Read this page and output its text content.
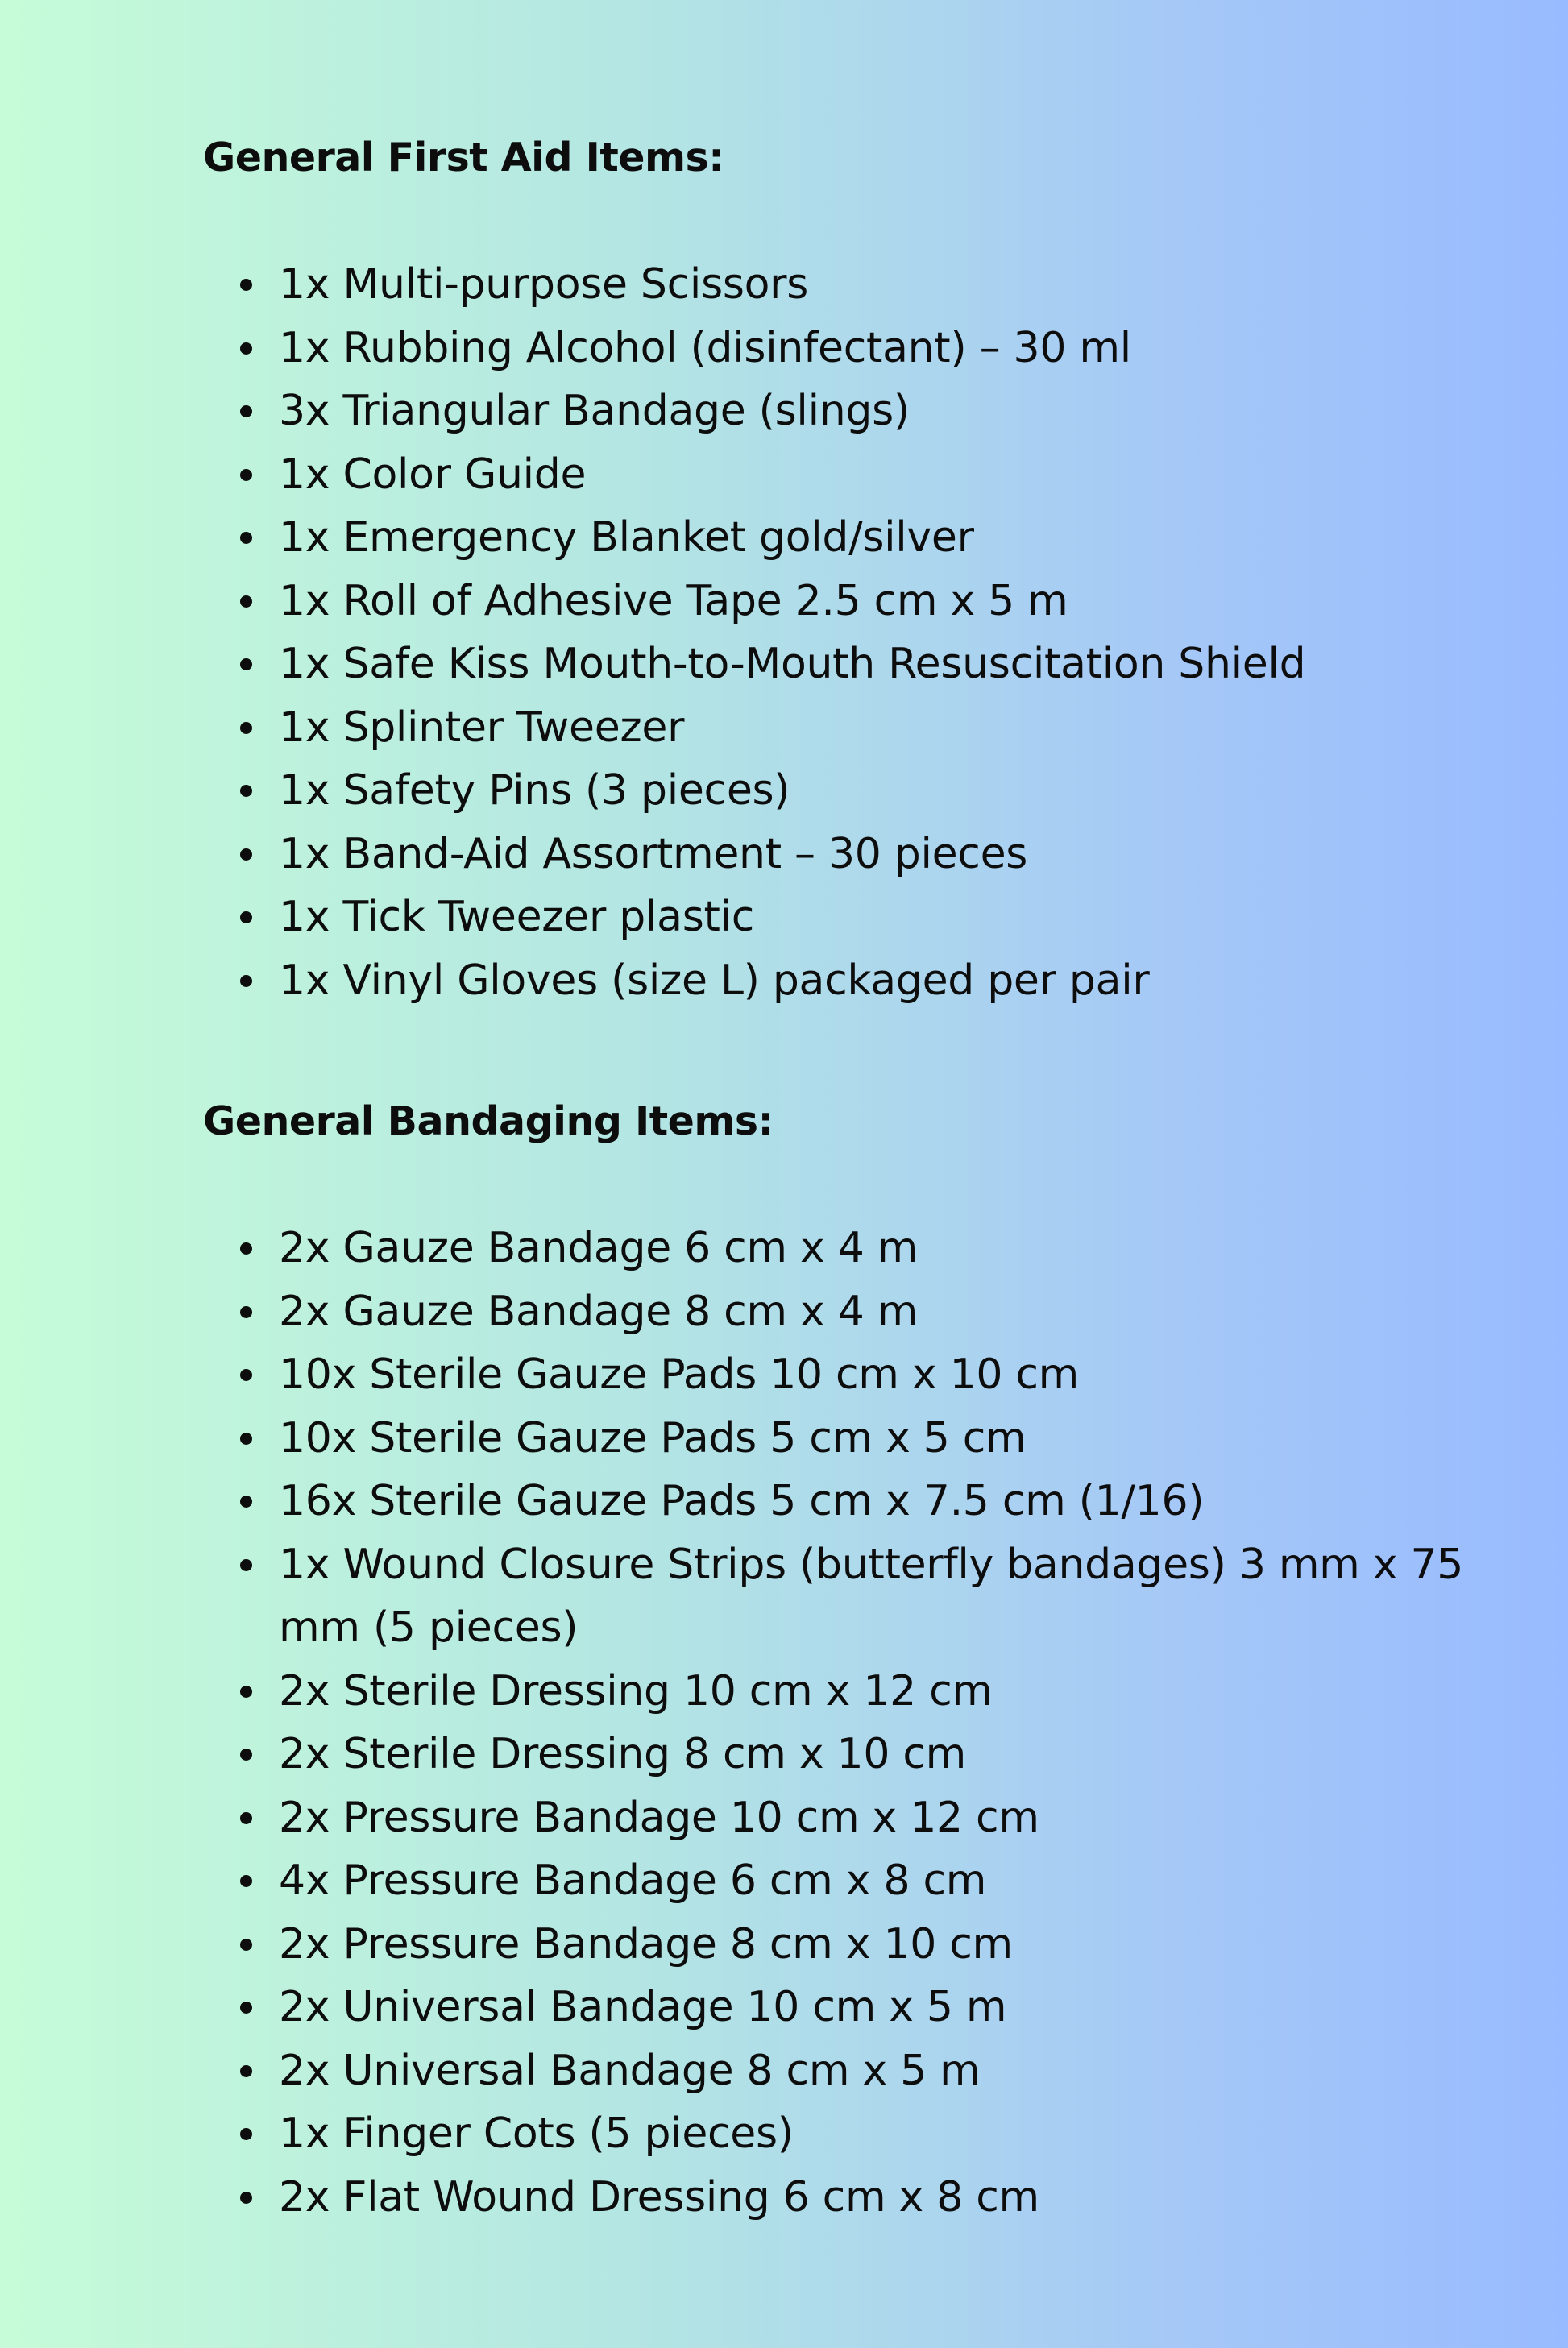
General First Aid Items:
1x Multi-purpose Scissors
1x Rubbing Alcohol (disinfectant) – 30 ml
3x Triangular Bandage (slings)
1x Color Guide
1x Emergency Blanket gold/silver
1x Roll of Adhesive Tape 2.5 cm x 5 m
1x Safe Kiss Mouth-to-Mouth Resuscitation Shield
1x Splinter Tweezer
1x Safety Pins (3 pieces)
1x Band-Aid Assortment – 30 pieces
1x Tick Tweezer plastic
1x Vinyl Gloves (size L) packaged per pair
General Bandaging Items:
2x Gauze Bandage 6 cm x 4 m
2x Gauze Bandage 8 cm x 4 m
10x Sterile Gauze Pads 10 cm x 10 cm
10x Sterile Gauze Pads 5 cm x 5 cm
16x Sterile Gauze Pads 5 cm x 7.5 cm (1/16)
1x Wound Closure Strips (butterfly bandages) 3 mm x 75 mm (5 pieces)
2x Sterile Dressing 10 cm x 12 cm
2x Sterile Dressing 8 cm x 10 cm
2x Pressure Bandage 10 cm x 12 cm
4x Pressure Bandage 6 cm x 8 cm
2x Pressure Bandage 8 cm x 10 cm
2x Universal Bandage 10 cm x 5 m
2x Universal Bandage 8 cm x 5 m
1x Finger Cots (5 pieces)
2x Flat Wound Dressing 6 cm x 8 cm
